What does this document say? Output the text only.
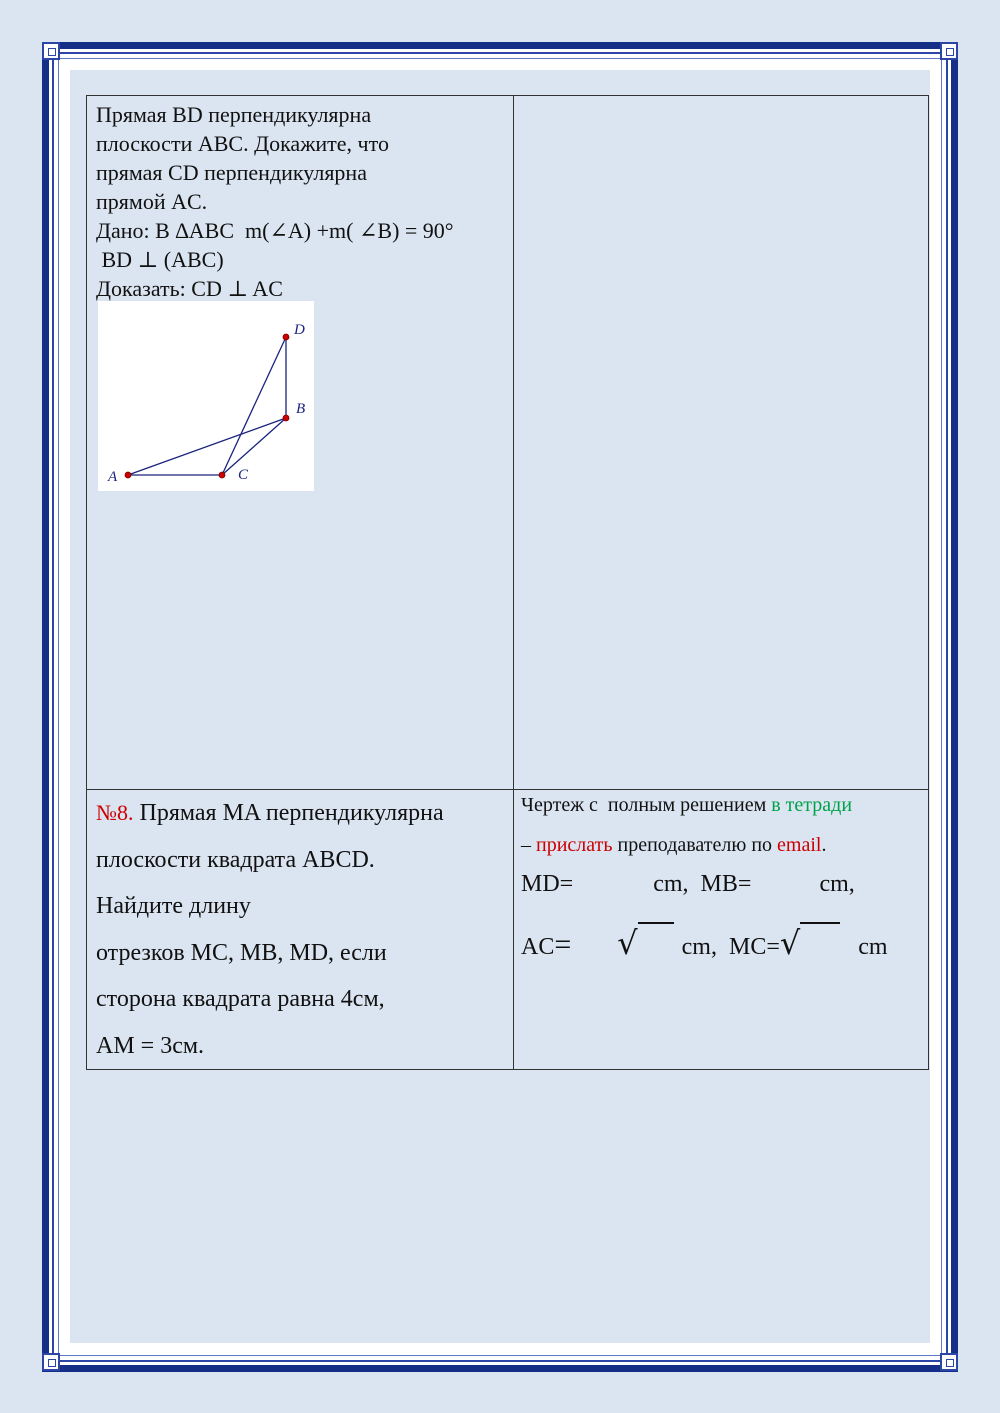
Прямая BD перпендикулярна

плоскости ABC. Докажите, что

прямая CD перпендикулярна

прямой AC.

Дано: В ∆ABC  m(∠A) +m( ∠B) = 90°

BD ⊥ (ABC)

Доказать: CD ⊥ AC

A	C
B
D

№8. Прямая MA перпендикулярна

плоскости квадрата ABCD.

Найдите длину

отрезков MC, MB, MD, если

сторона квадрата равна 4см,

AM = 3см.

Чертеж с  полным решением в тетради

– прислать преподавателю по email.

MD=	cm, MB=	cm,

AC= √ cm, MC=√ cm
